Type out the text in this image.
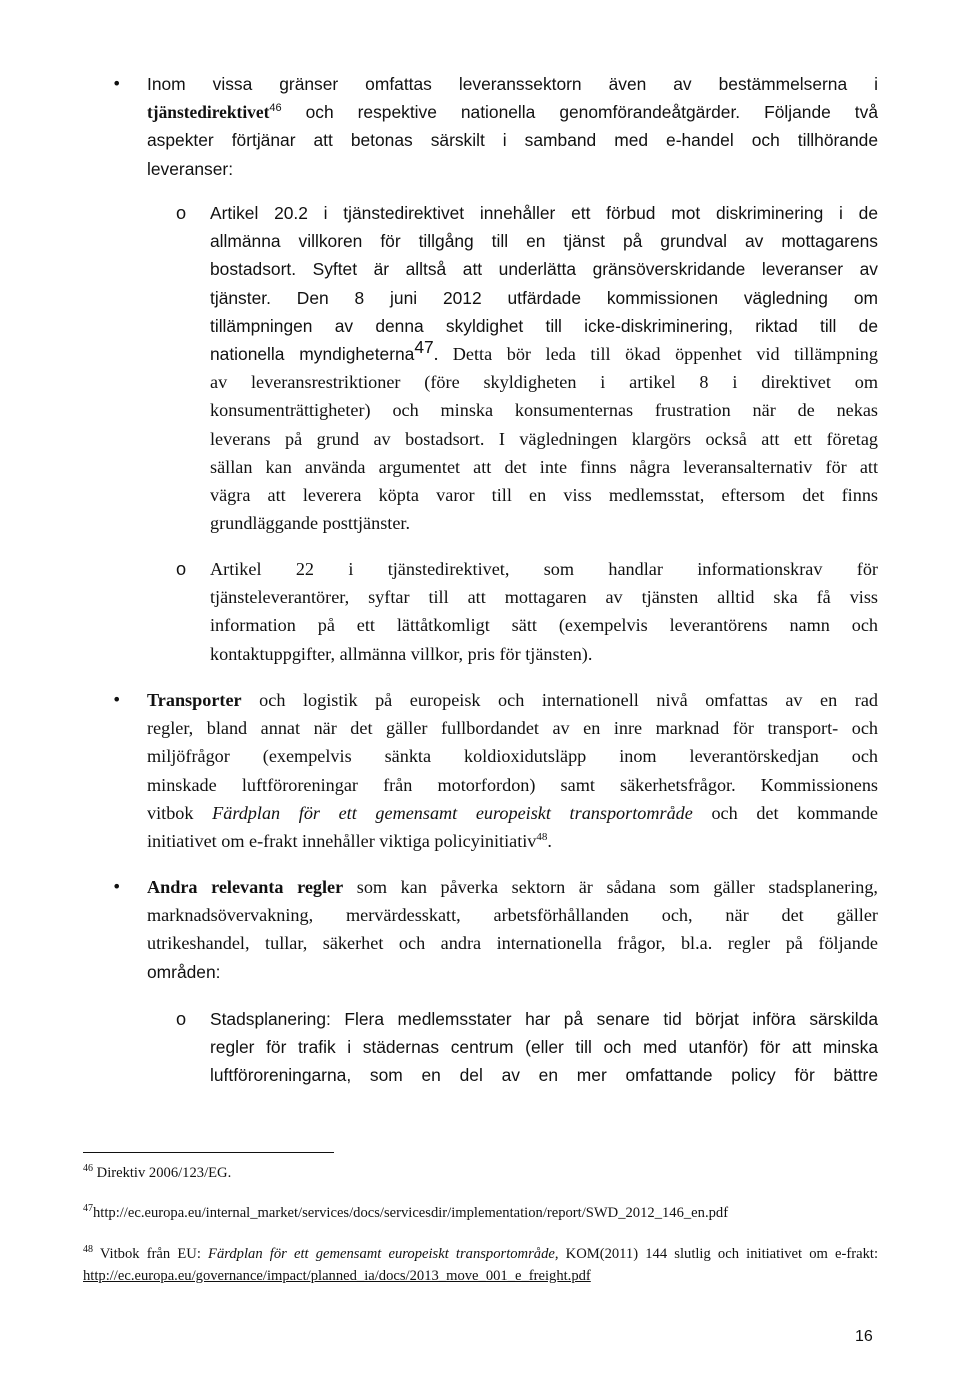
• Inom vissa gränser omfattas leveranssektorn även av bestämmelserna i
tjänstedirektivet$^{46}$ och respektive nationella genomförandeåtgärder. Följande två
aspekter förtjänar att betonas särskilt i samband med e-handel och tillhörande
leveranser:
o Artikel 20.2 i tjänstedirektivet innehåller ett förbud mot diskriminering i de
allmänna villkoren för tillgång till en tjänst på grundval av mottagarens
bostadsort. Syftet är alltså att underlätta gränsöverskridande leveranser av
tjänster. Den 8 juni 2012 utfärdade kommissionen vägledning om
tillämpningen av denna skyldighet till icke-diskriminering, riktad till de
nationella myndigheterna$^{47}$. Detta bör leda till ökad öppenhet vid tillämpning
av leveransrestriktioner (före skyldigheten i artikel 8 i direktivet om
konsumenträttigheter) och minska konsumenternas frustration när de nekas
leverans på grund av bostadsort. I vägledningen klargörs också att ett företag
sällan kan använda argumentet att det inte finns några leveransalternativ för att
vägra att leverera köpta varor till en viss medlemsstat, eftersom det finns
grundläggande posttjänster.
o Artikel 22 i tjänstedirektivet, som handlar informationskrav för
tjänsteleverantörer, syftar till att mottagaren av tjänsten alltid ska få viss
information på ett lättåtkomligt sätt (exempelvis leverantörens namn och
kontaktuppgifter, allmänna villkor, pris för tjänsten).
• Transporter och logistik på europeisk och internationell nivå omfattas av en rad
regler, bland annat när det gäller fullbordandet av en inre marknad för transport- och
miljöfrågor (exempelvis sänkta koldioxidutsläpp inom leverantörskedjan och
minskade luftföroreningar från motorfordon) samt säkerhetsfrågor. Kommissionens
vitbok Färdplan för ett gemensamt europeiskt transportområde och det kommande
initiativet om e-frakt innehåller viktiga policyinitiativ$^{48}$.
• Andra relevanta regler som kan påverka sektorn är sådana som gäller stadsplanering,
marknadsövervakning, mervärdesskatt, arbetsförhållanden och, när det gäller
utrikeshandel, tullar, säkerhet och andra internationella frågor, bl.a. regler på följande
områden:
o Stadsplanering: Flera medlemsstater har på senare tid börjat införa särskilda
regler för trafik i städernas centrum (eller till och med utanför) för att minska
luftföroreningarna, som en del av en mer omfattande policy för bättre
$^{46}$ Direktiv 2006/123/EG.
$^{47}$http://ec.europa.eu/internal_market/services/docs/servicesdir/implementation/report/SWD_2012_146_en.pdf
$^{48}$ Vitbok från EU: Färdplan för ett gemensamt europeiskt transportområde, KOM(2011) 144 slutlig och initiativet om e-frakt: http://ec.europa.eu/governance/impact/planned_ia/docs/2013_move_001_e_freight.pdf
16
